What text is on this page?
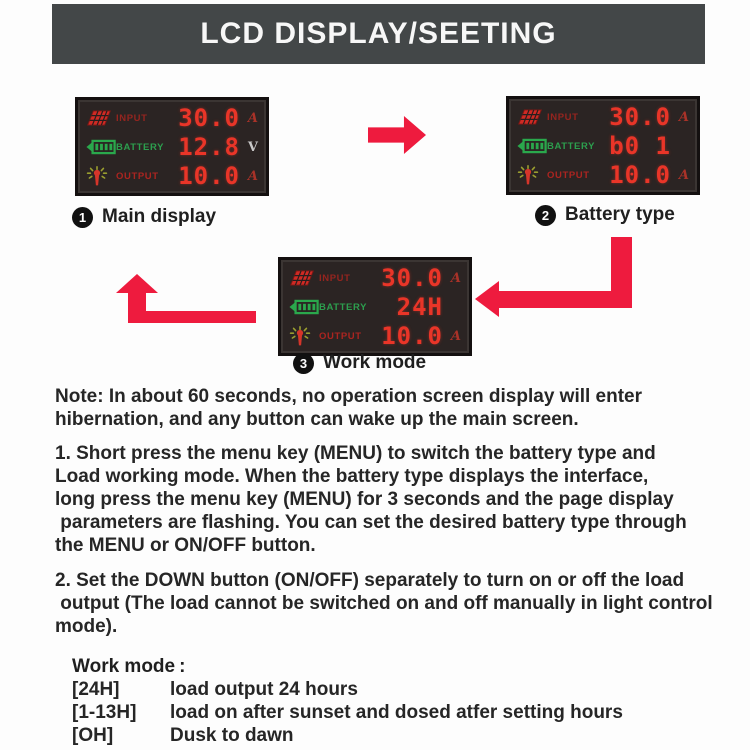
LCD DISPLAY/SEETING
INPUT	30.0 A
BATTERY 12.8 V
OUTPUT 10.0 A
INPUT	30.0 A
BATTERY b0 1
OUTPUT 10.0 A
INPUT	30.0 A
BATTERY	24H
OUTPUT 10.0 A
1 Main display	2 Battery type
3 Work mode
Note: In about 60 seconds, no operation screen display will enter
hibernation, and any button can wake up the main screen.
1. Short press the menu key (MENU) to switch the battery type and
Load working mode. When the battery type displays the interface,
long press the menu key (MENU) for 3 seconds and the page display
parameters are flashing. You can set the desired battery type through
the MENU or ON/OFF button.
2. Set the DOWN button (ON/OFF) separately to turn on or off the load
output (The load cannot be switched on and off manually in light control
mode).
Work mode :
[24H]	load output 24 hours
[1-13H]	load on after sunset and dosed atfer setting hours
[OH]	Dusk to dawn
